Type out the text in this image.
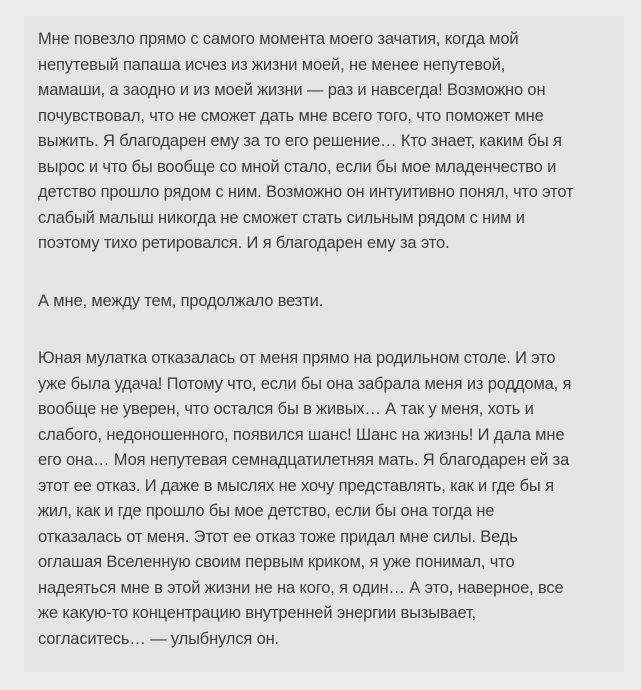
Мне повезло прямо с самого момента моего зачатия, когда мой
непутевый папаша исчез из жизни моей, не менее непутевой,
мамаши, а заодно и из моей жизни — раз и навсегда! Возможно он
почувствовал, что не сможет дать мне всего того, что поможет мне
выжить. Я благодарен ему за то его решение… Кто знает, каким бы я
вырос и что бы вообще со мной стало, если бы мое младенчество и
детство прошло рядом с ним. Возможно он интуитивно понял, что этот
слабый малыш никогда не сможет стать сильным рядом с ним и
поэтому тихо ретировался. И я благодарен ему за это.

А мне, между тем, продолжало везти.

Юная мулатка отказалась от меня прямо на родильном столе. И это
уже была удача! Потому что, если бы она забрала меня из роддома, я
вообще не уверен, что остался бы в живых… А так у меня, хоть и
слабого, недоношенного, появился шанс! Шанс на жизнь! И дала мне
его она… Моя непутевая семнадцатилетняя мать. Я благодарен ей за
этот ее отказ. И даже в мыслях не хочу представлять, как и где бы я
жил, как и где прошло бы мое детство, если бы она тогда не
отказалась от меня. Этот ее отказ тоже придал мне силы. Ведь
оглашая Вселенную своим первым криком, я уже понимал, что
надеяться мне в этой жизни не на кого, я один… А это, наверное, все
же какую-то концентрацию внутренней энергии вызывает,
согласитесь… — улыбнулся он.
